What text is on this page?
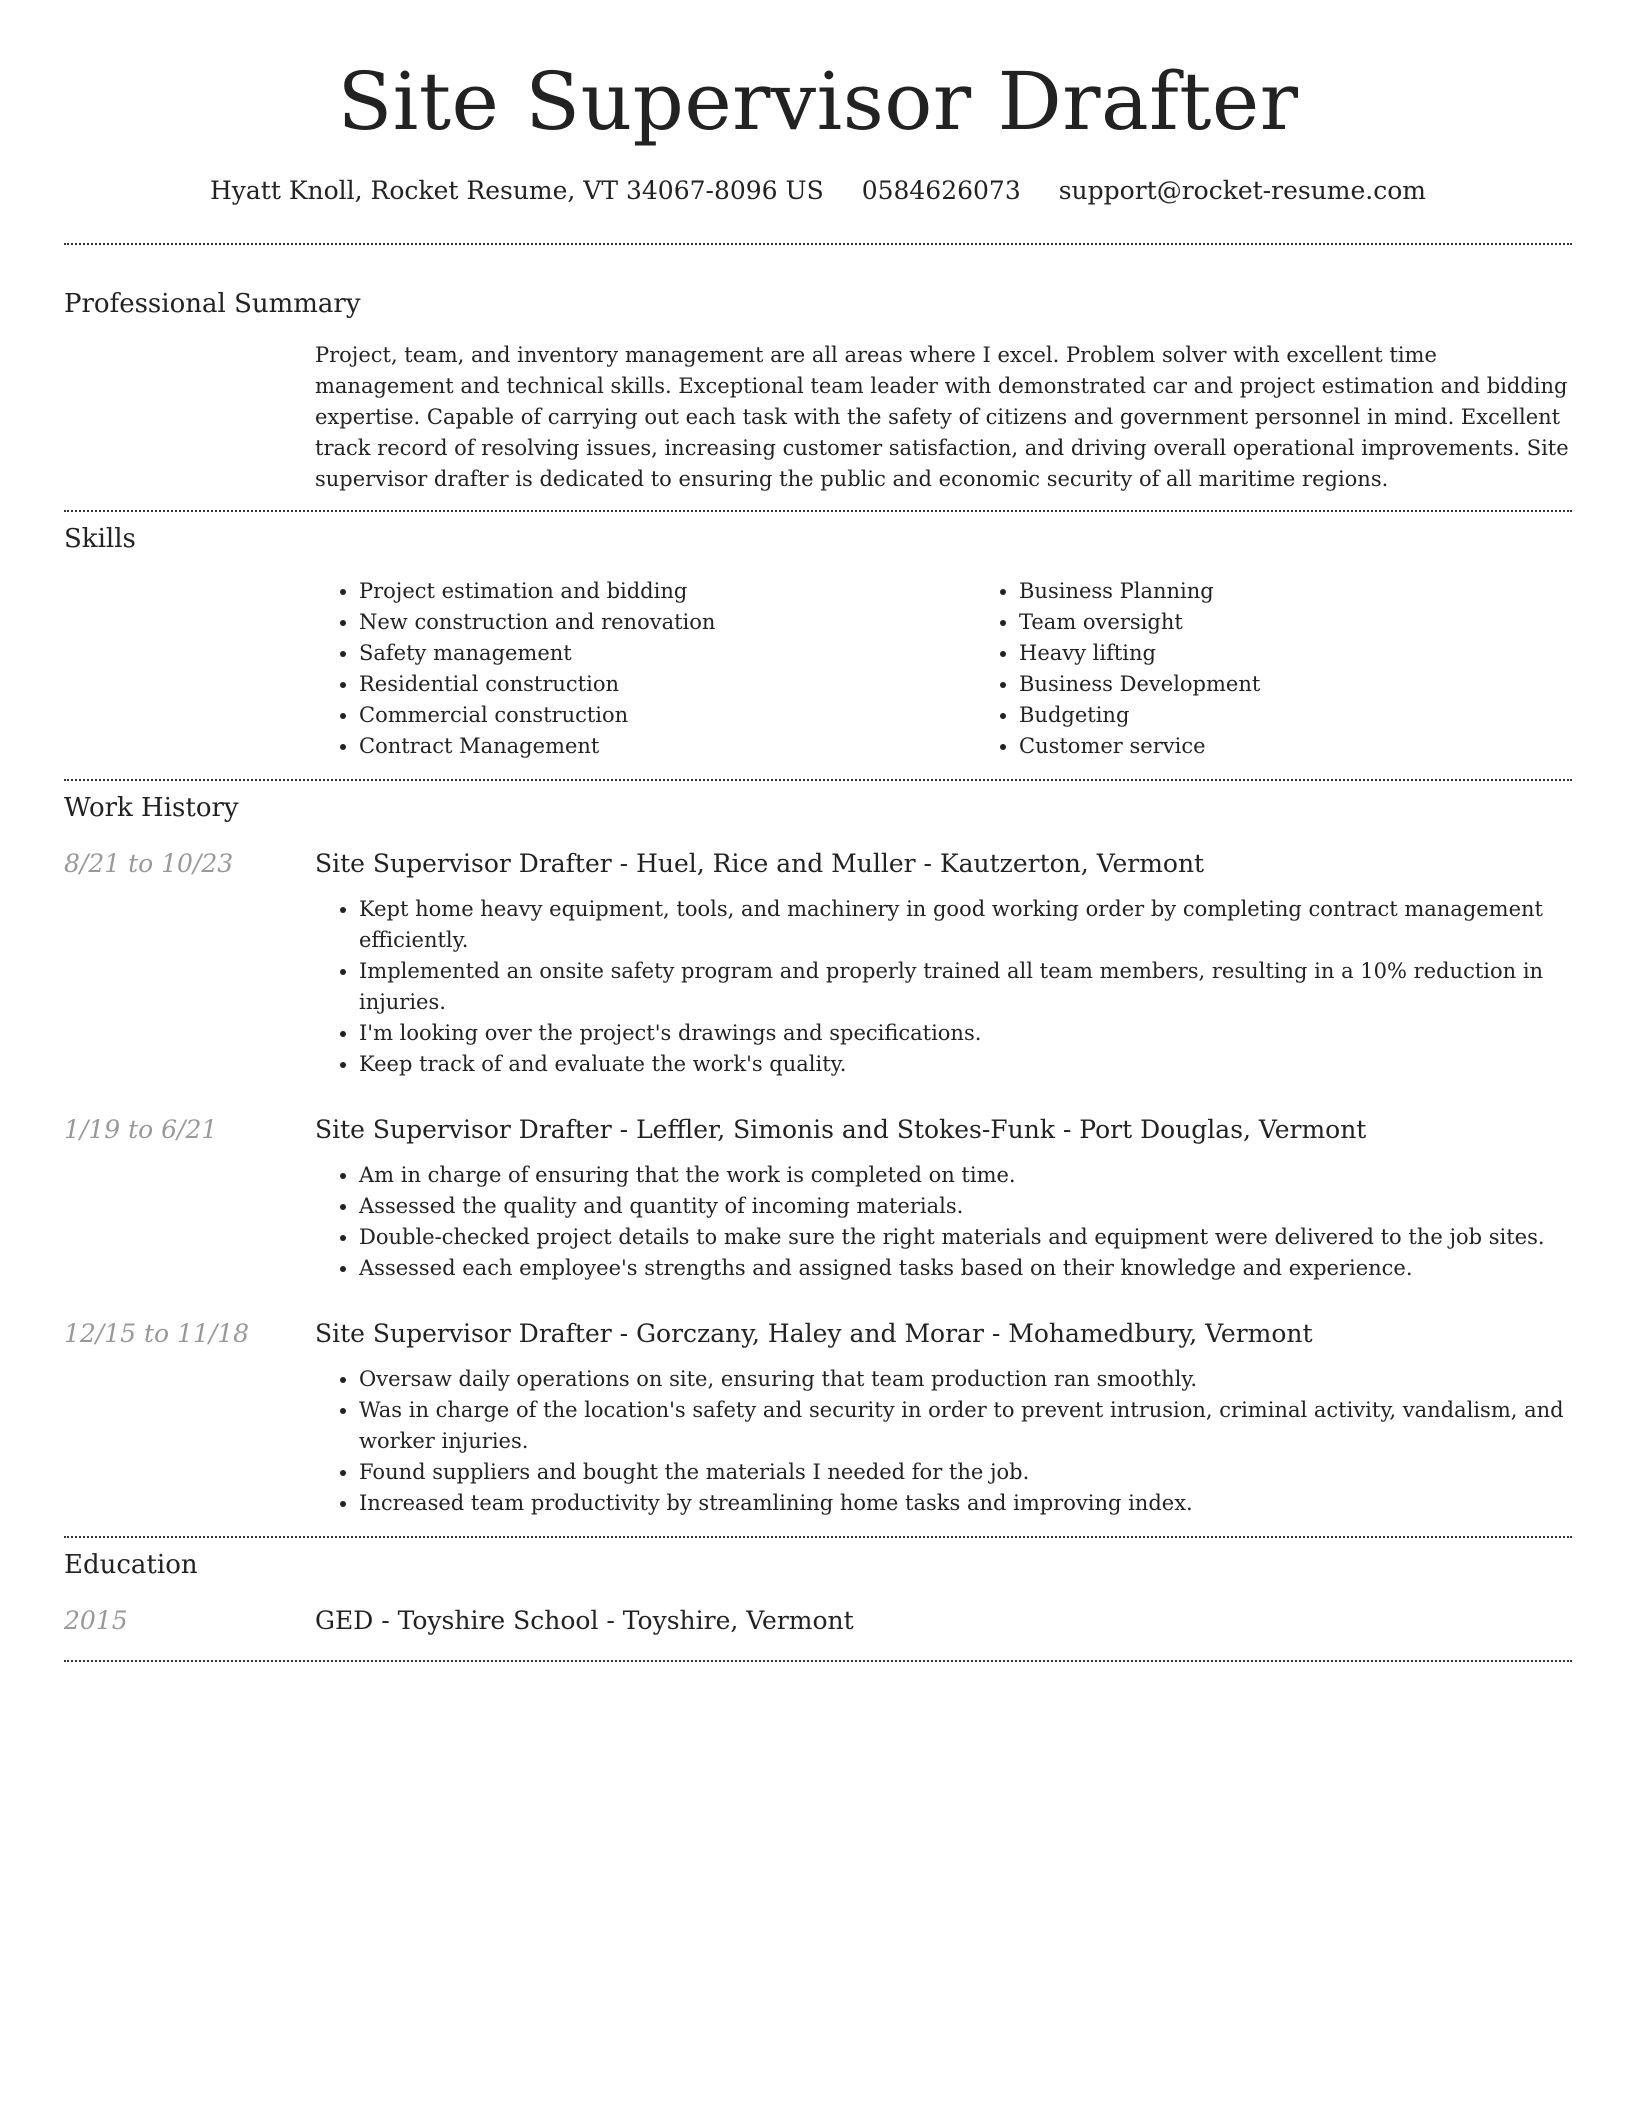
Site Supervisor Drafter
Hyatt Knoll, Rocket Resume, VT 34067-8096 US 0584626073 support@rocket-resume.com
Professional Summary

Project, team, and inventory management are all areas where I excel. Problem solver with excellent time management and technical skills. Exceptional team leader with demonstrated car and project estimation and bidding expertise. Capable of carrying out each task with the safety of citizens and government personnel in mind. Excellent track record of resolving issues, increasing customer satisfaction, and driving overall operational improvements. Site supervisor drafter is dedicated to ensuring the public and economic security of all maritime regions.

Skills
• Project estimation and bidding
• New construction and renovation
• Safety management
• Residential construction
• Commercial construction
• Contract Management
• Business Planning
• Team oversight
• Heavy lifting
• Business Development
• Budgeting
• Customer service
Work History
8/21 to 10/23	Site Supervisor Drafter - Huel, Rice and Muller - Kautzerton, Vermont
• Kept home heavy equipment, tools, and machinery in good working order by completing contract management efficiently.
• Implemented an onsite safety program and properly trained all team members, resulting in a 10% reduction in injuries.
• I'm looking over the project's drawings and specifications.
• Keep track of and evaluate the work's quality.
1/19 to 6/21	Site Supervisor Drafter - Leffler, Simonis and Stokes-Funk - Port Douglas, Vermont
• Am in charge of ensuring that the work is completed on time.
• Assessed the quality and quantity of incoming materials.
• Double-checked project details to make sure the right materials and equipment were delivered to the job sites.
• Assessed each employee's strengths and assigned tasks based on their knowledge and experience.
12/15 to 11/18	Site Supervisor Drafter - Gorczany, Haley and Morar - Mohamedbury, Vermont
• Oversaw daily operations on site, ensuring that team production ran smoothly.
• Was in charge of the location's safety and security in order to prevent intrusion, criminal activity, vandalism, and worker injuries.
• Found suppliers and bought the materials I needed for the job.
• Increased team productivity by streamlining home tasks and improving index.
Education
2015	GED - Toyshire School - Toyshire, Vermont
